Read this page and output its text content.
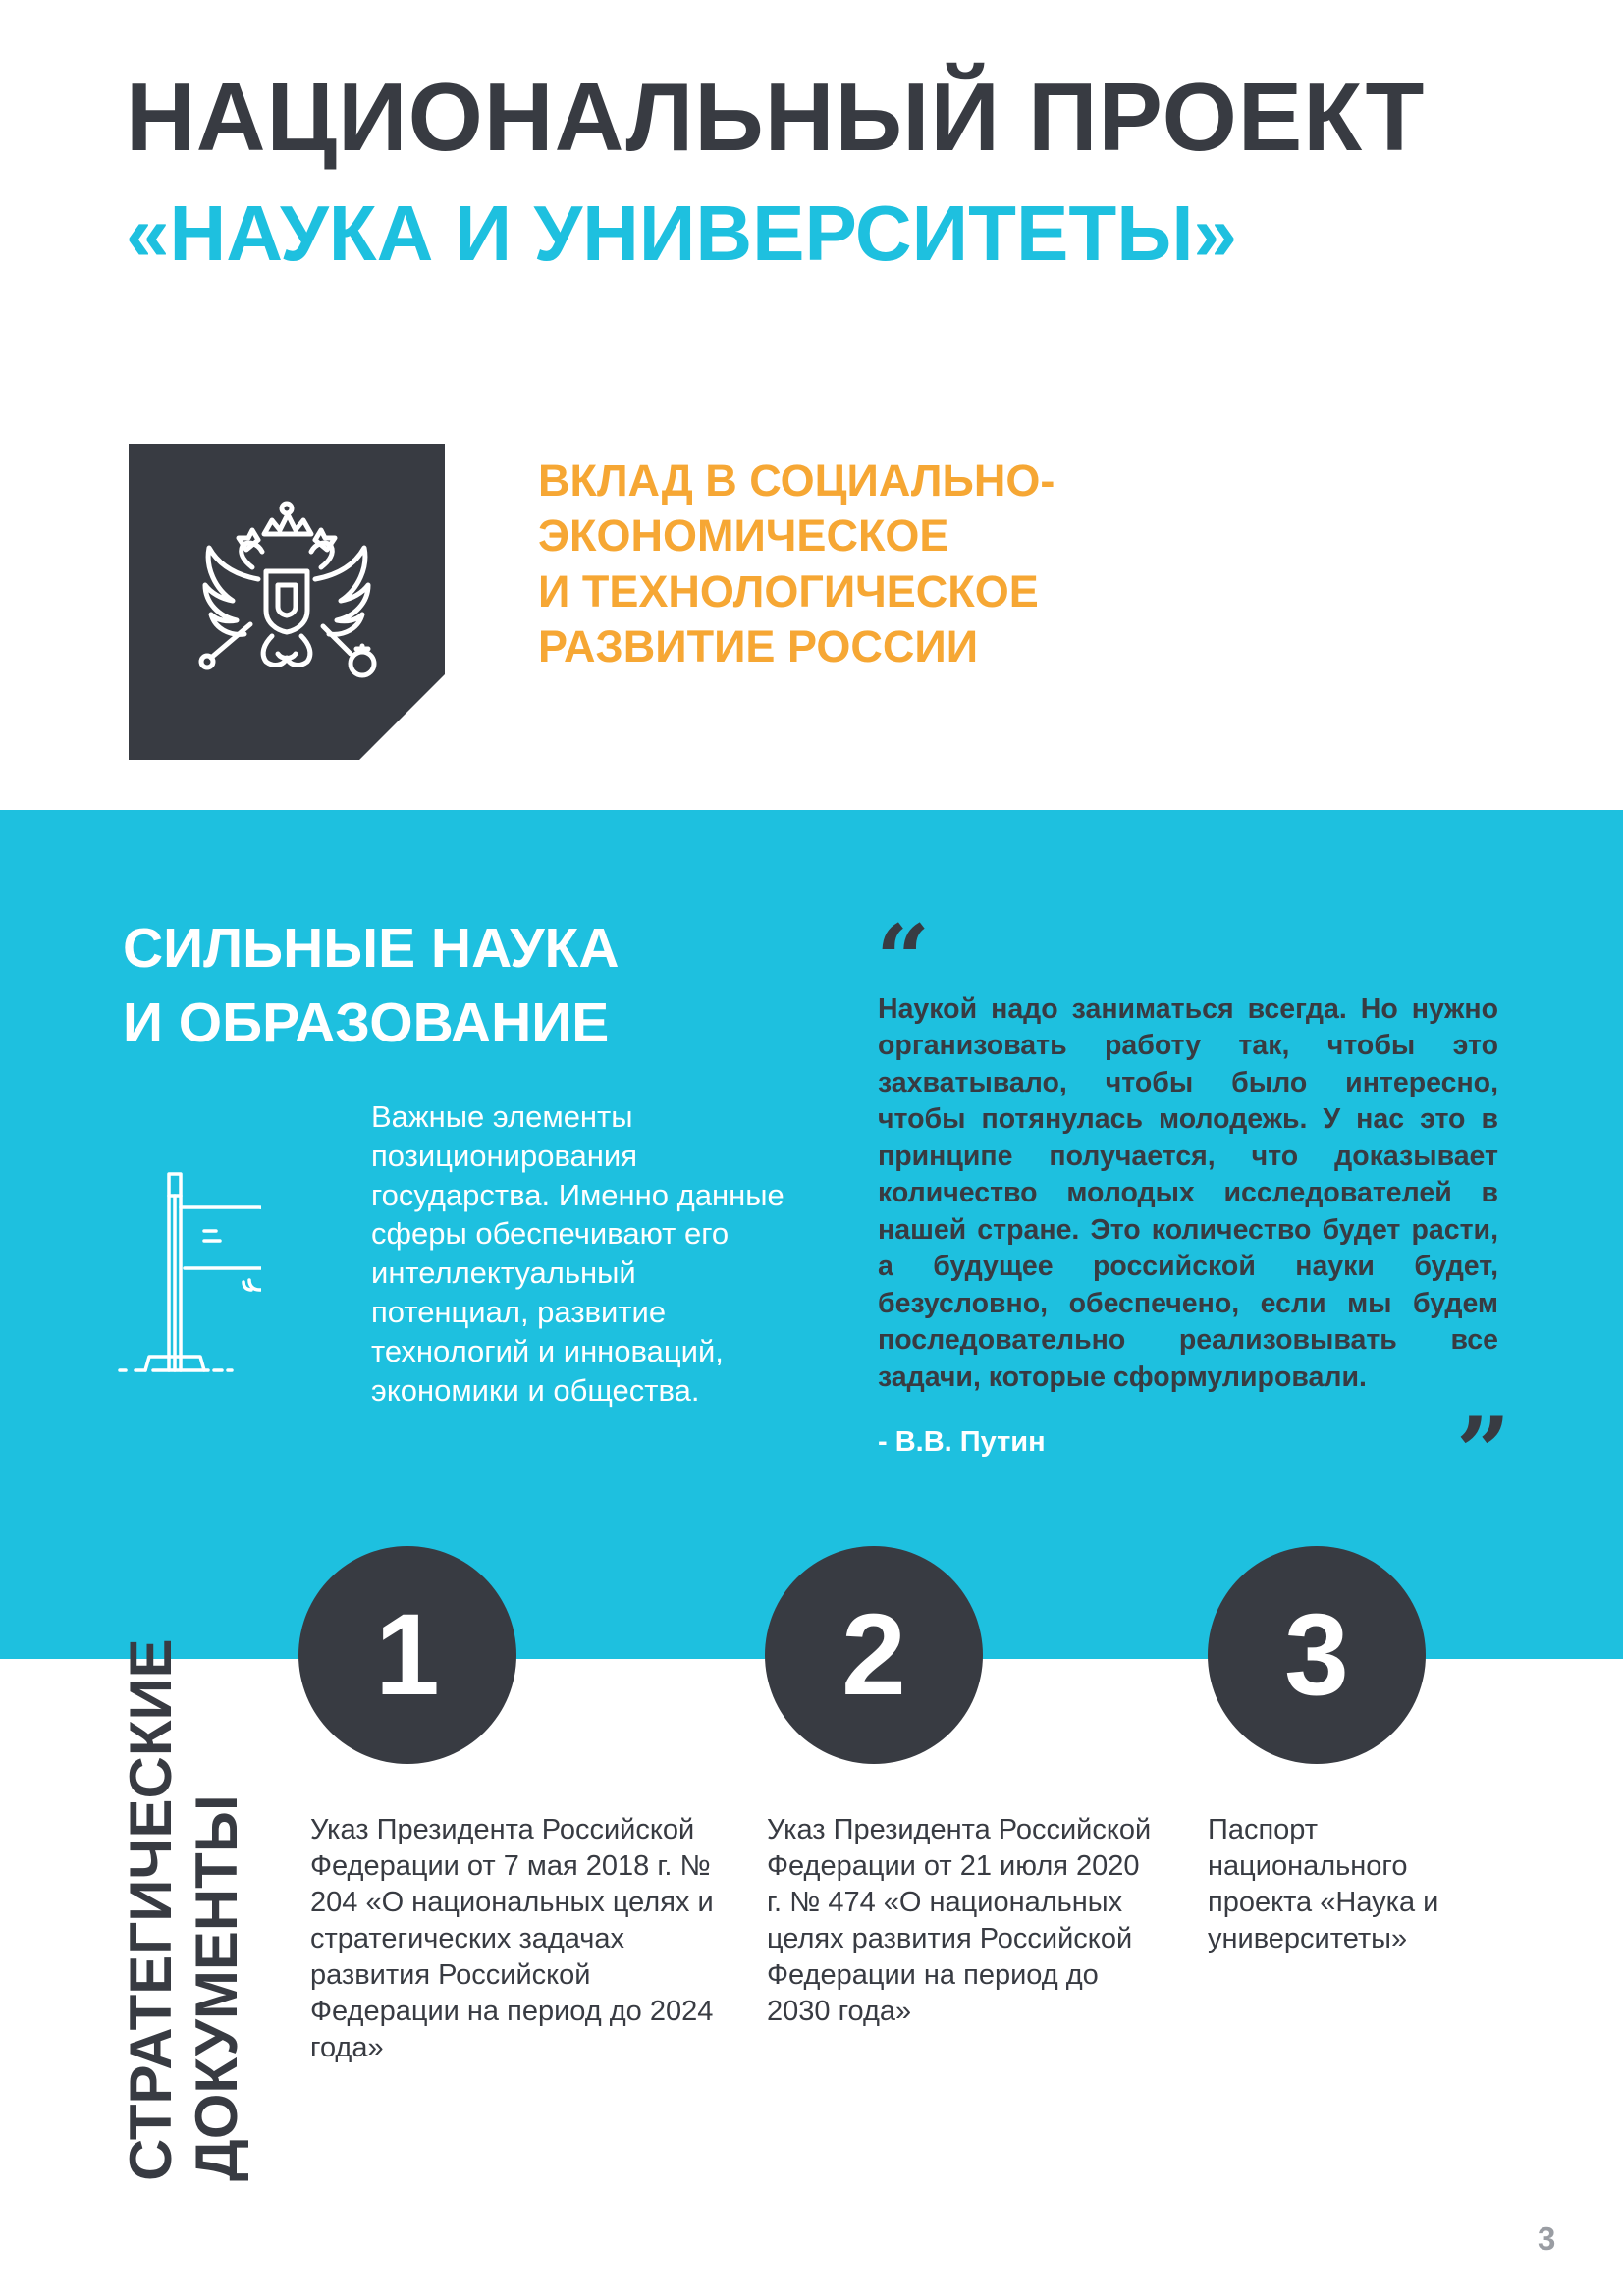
НАЦИОНАЛЬНЫЙ ПРОЕКТ
«НАУКА И УНИВЕРСИТЕТЫ»
ВКЛАД В СОЦИАЛЬНО-
ЭКОНОМИЧЕСКОЕ
И ТЕХНОЛОГИЧЕСКОЕ
РАЗВИТИЕ РОССИИ
СИЛЬНЫЕ НАУКА
И ОБРАЗОВАНИЕ
Важные элементы позиционирования государства. Именно данные сферы обеспечивают его интеллектуальный потенциал, развитие технологий и инноваций, экономики и общества.
“
Наукой надо заниматься всегда. Но нужно организовать работу так, чтобы это захватывало, чтобы было интересно, чтобы потянулась молодежь. У нас это в принципе получается, что доказывает количество молодых исследователей в нашей стране. Это количество будет расти, а будущее российской науки будет, безусловно, обеспечено, если мы будем последовательно реализовывать все задачи, которые сформулировали.
- В.В. Путин	”
1	2	3
Указ Президента Российской Федерации от 7 мая 2018 г. № 204 «О национальных целях и стратегических задачах развития Российской Федерации на период до 2024 года»
Указ Президента Российской Федерации от 21 июля 2020 г. № 474 «О национальных целях развития Российской Федерации на период до 2030 года»
Паспорт национального проекта «Наука и университеты»
СТРАТЕГИЧЕСКИЕ ДОКУМЕНТЫ
3
